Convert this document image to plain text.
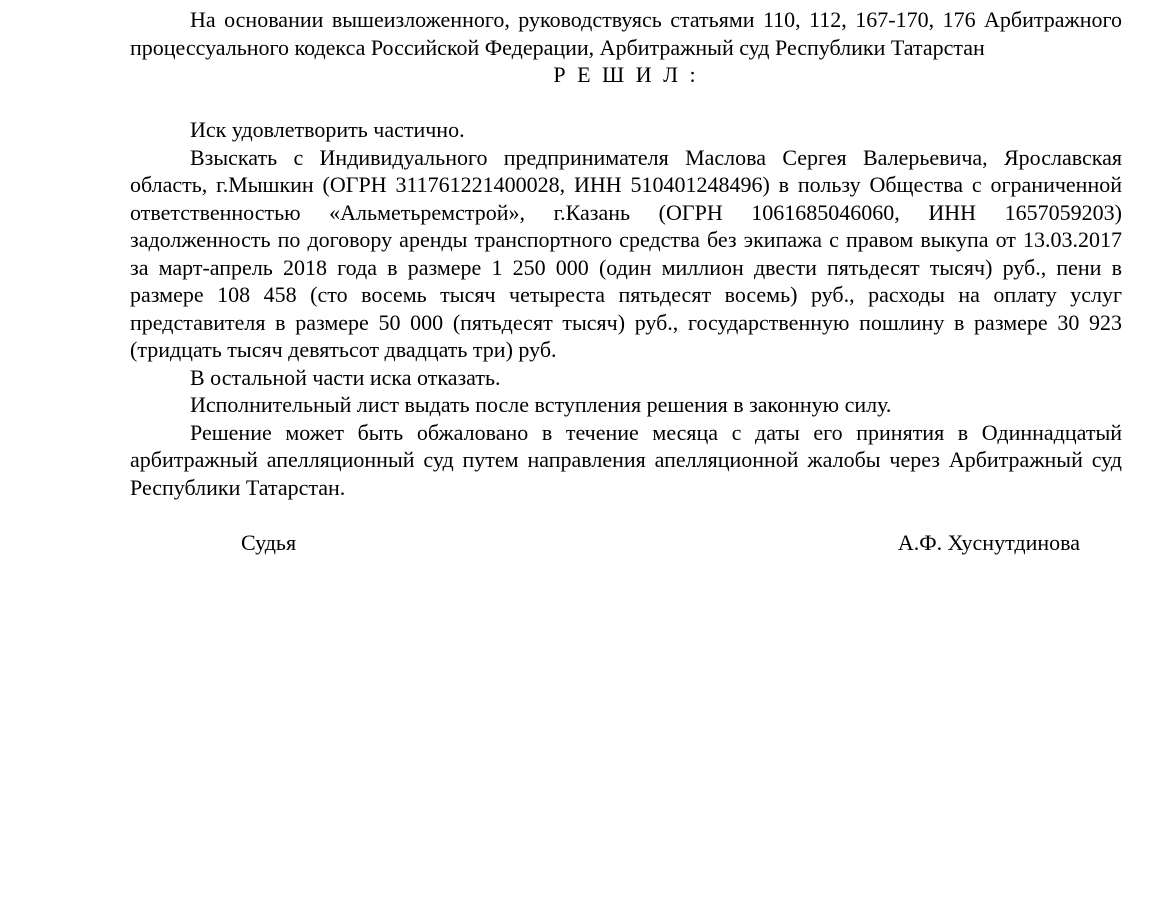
На основании вышеизложенного, руководствуясь статьями 110, 112, 167-170, 176 Арбитражного процессуального кодекса Российской Федерации, Арбитражный суд Республики Татарстан

Р Е Ш И Л :

Иск удовлетворить частично.

Взыскать с Индивидуального предпринимателя Маслова Сергея Валерьевича, Ярославская область, г.Мышкин (ОГРН 311761221400028, ИНН 510401248496) в пользу Общества с ограниченной ответственностью «Альметьремстрой», г.Казань (ОГРН 1061685046060, ИНН 1657059203) задолженность по договору аренды транспортного средства без экипажа с правом выкупа от 13.03.2017 за март-апрель 2018 года в размере 1 250 000 (один миллион двести пятьдесят тысяч) руб., пени в размере 108 458 (сто восемь тысяч четыреста пятьдесят восемь) руб., расходы на оплату услуг представителя в размере 50 000 (пятьдесят тысяч) руб., государственную пошлину в размере 30 923 (тридцать тысяч девятьсот двадцать три) руб.

В остальной части иска отказать.

Исполнительный лист выдать после вступления решения в законную силу.

Решение может быть обжаловано в течение месяца с даты его принятия в Одиннадцатый арбитражный апелляционный суд путем направления апелляционной жалобы через Арбитражный суд Республики Татарстан.

Судья	А.Ф. Хуснутдинова
